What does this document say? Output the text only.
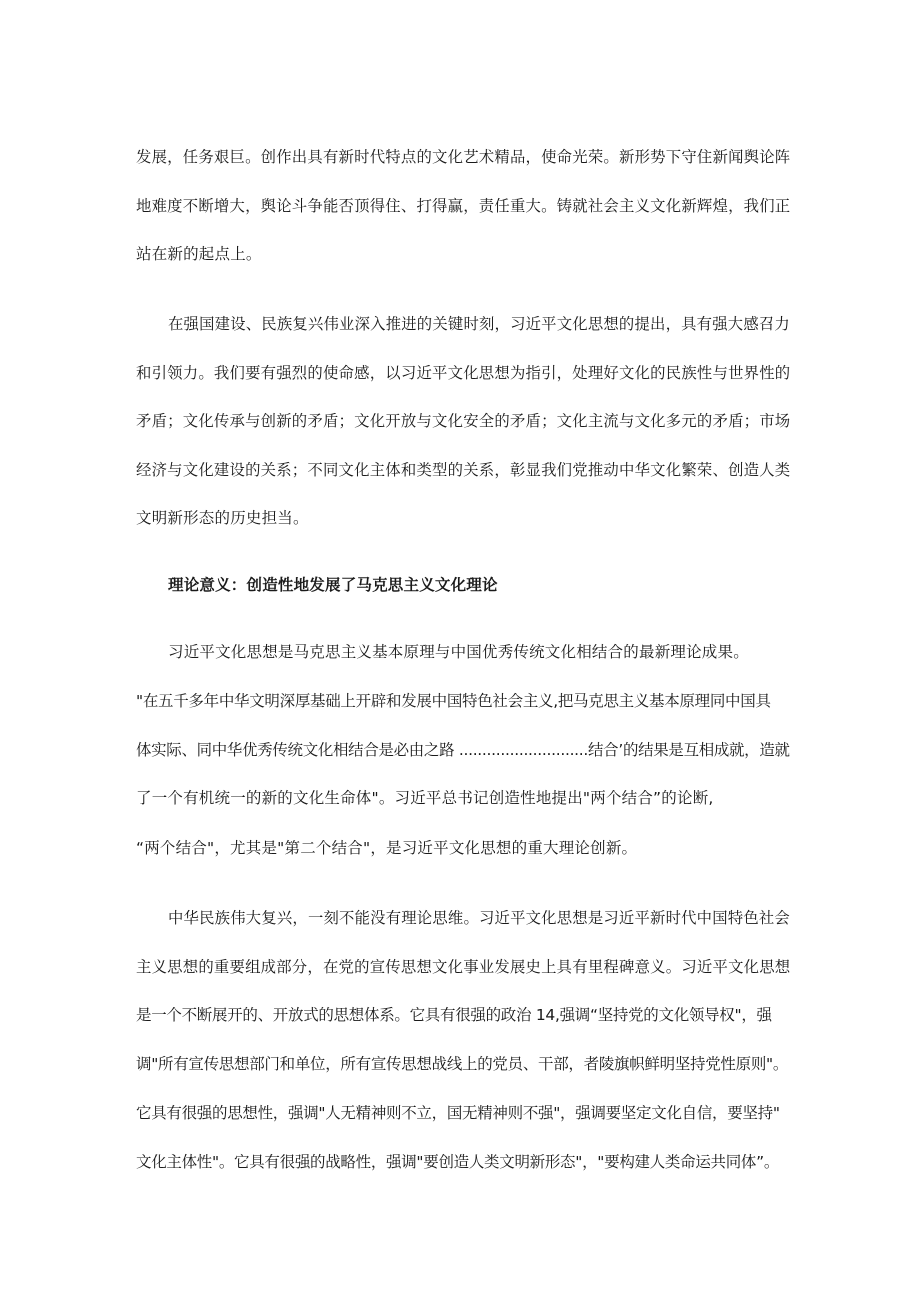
发展，任务艰巨。创作出具有新时代特点的文化艺术精品，使命光荣。新形势下守住新闻舆论阵
地难度不断增大，舆论斗争能否顶得住、打得赢，责任重大。铸就社会主义文化新辉煌，我们正
站在新的起点上。
在强国建设、民族复兴伟业深入推进的关键时刻，习近平文化思想的提出，具有强大感召力
和引领力。我们要有强烈的使命感，以习近平文化思想为指引，处理好文化的民族性与世界性的
矛盾；文化传承与创新的矛盾；文化开放与文化安全的矛盾；文化主流与文化多元的矛盾；市场
经济与文化建设的关系；不同文化主体和类型的关系，彰显我们党推动中华文化繁荣、创造人类
文明新形态的历史担当。
理论意义：创造性地发展了马克思主义文化理论
习近平文化思想是马克思主义基本原理与中国优秀传统文化相结合的最新理论成果。
"在五千多年中华文明深厚基础上开辟和发展中国特色社会主义,把马克思主义基本原理同中国具
体实际、同中华优秀传统文化相结合是必由之路 ............................结合’的结果是互相成就，造就
了一个有机统一的新的文化生命体"。习近平总书记创造性地提出"两个结合”的论断,
“两个结合"，尤其是"第二个结合"，是习近平文化思想的重大理论创新。
中华民族伟大复兴，一刻不能没有理论思维。习近平文化思想是习近平新时代中国特色社会
主义思想的重要组成部分，在党的宣传思想文化事业发展史上具有里程碑意义。习近平文化思想
是一个不断展开的、开放式的思想体系。它具有很强的政治 14,强调“坚持党的文化领导权"，强
调"所有宣传思想部门和单位，所有宣传思想战线上的党员、干部，者陵旗帜鲜明坚持党性原则"。
它具有很强的思想性，强调"人无精神则不立，国无精神则不强"，强调要坚定文化自信，要坚持"
文化主体性"。它具有很强的战略性，强调"要创造人类文明新形态"，"要构建人类命运共同体”。
